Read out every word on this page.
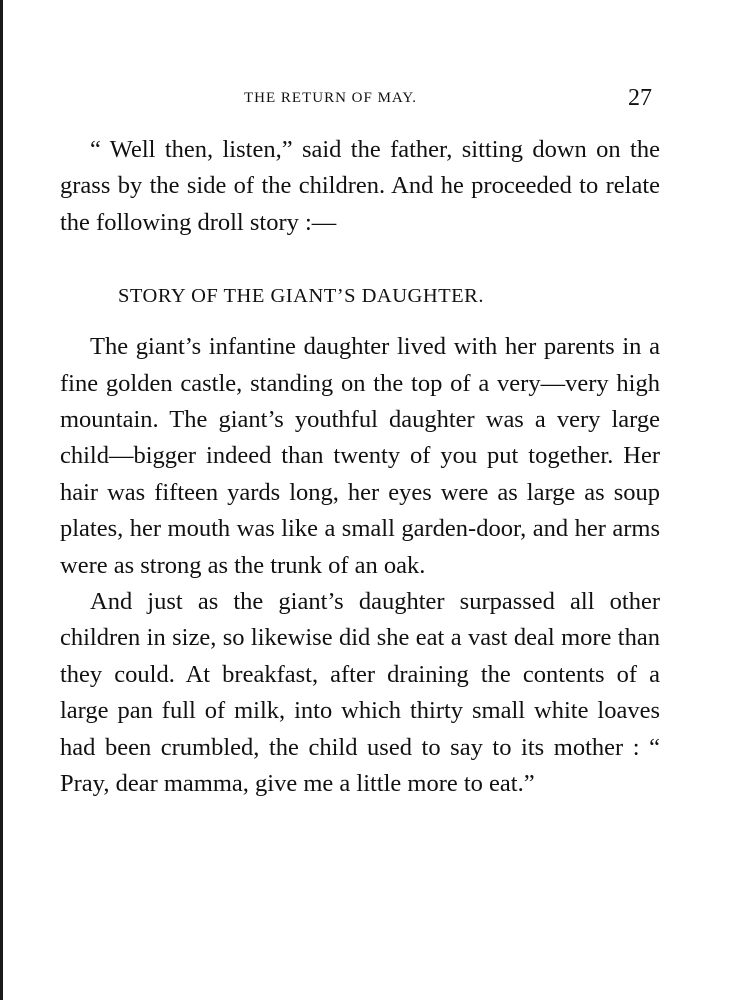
THE RETURN OF MAY.	27

“ Well then, listen,” said the father, sitting down on the grass by the side of the children. And he proceeded to relate the following droll story :—

STORY OF THE GIANT’S DAUGHTER.

The giant’s infantine daughter lived with her parents in a fine golden castle, standing on the top of a very—very high mountain. The giant’s youthful daughter was a very large child—bigger indeed than twenty of you put together. Her hair was fifteen yards long, her eyes were as large as soup plates, her mouth was like a small garden-door, and her arms were as strong as the trunk of an oak.

And just as the giant’s daughter surpassed all other children in size, so likewise did she eat a vast deal more than they could. At breakfast, after draining the contents of a large pan full of milk, into which thirty small white loaves had been crumbled, the child used to say to its mother : “ Pray, dear mamma, give me a little more to eat.”
